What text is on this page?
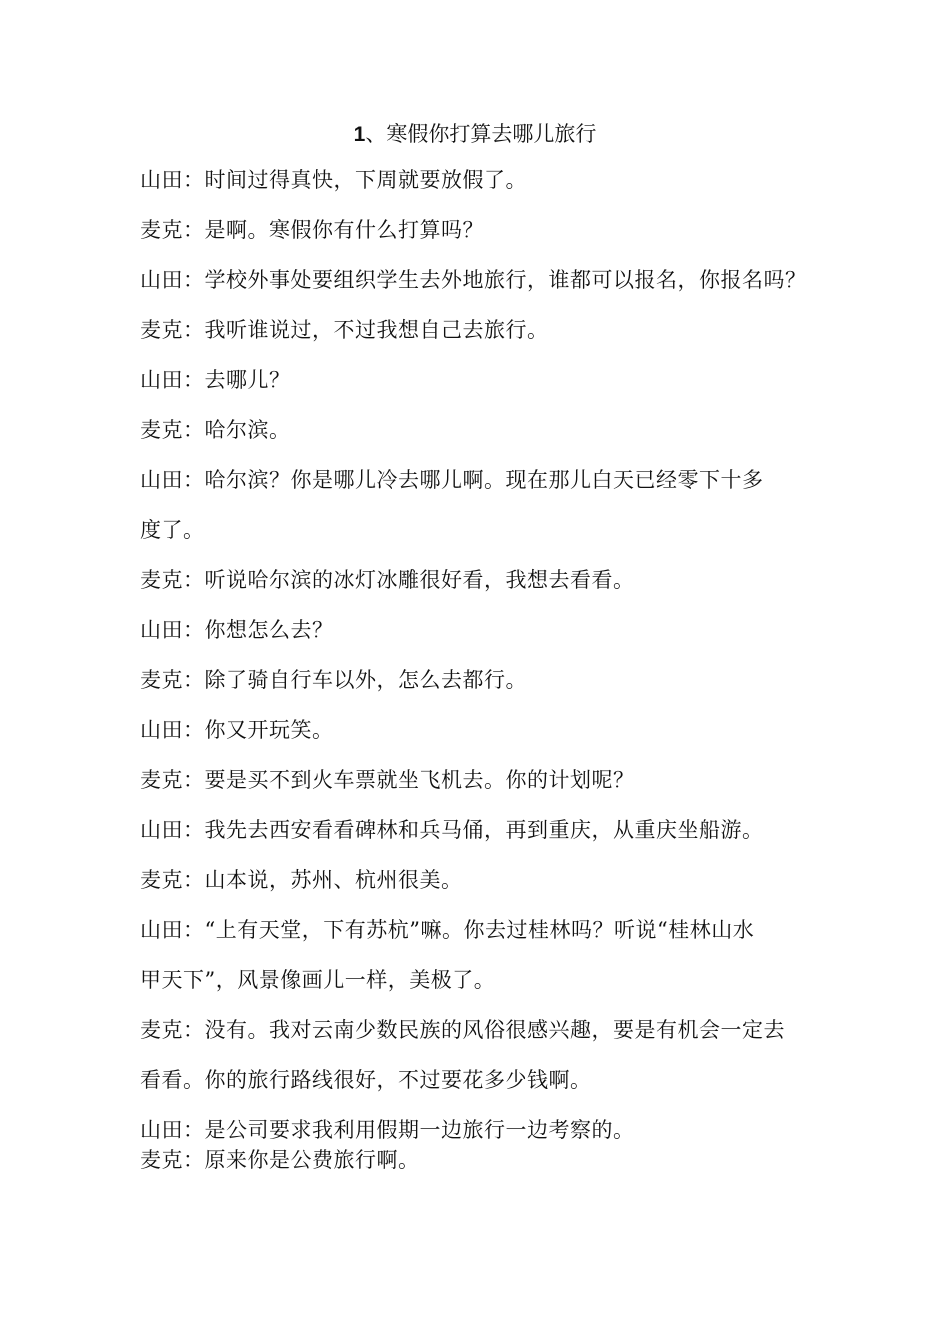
1、寒假你打算去哪儿旅行
山田：时间过得真快，下周就要放假了。
麦克：是啊。寒假你有什么打算吗？
山田：学校外事处要组织学生去外地旅行，谁都可以报名，你报名吗？
麦克：我听谁说过，不过我想自己去旅行。
山田：去哪儿？
麦克：哈尔滨。
山田：哈尔滨？你是哪儿冷去哪儿啊。现在那儿白天已经零下十多
度了。
麦克：听说哈尔滨的冰灯冰雕很好看，我想去看看。
山田：你想怎么去？
麦克：除了骑自行车以外，怎么去都行。
山田：你又开玩笑。
麦克：要是买不到火车票就坐飞机去。你的计划呢？
山田：我先去西安看看碑林和兵马俑，再到重庆，从重庆坐船游。
麦克：山本说，苏州、杭州很美。
山田：“上有天堂，下有苏杭”嘛。你去过桂林吗？听说“桂林山水
甲天下”，风景像画儿一样，美极了。
麦克：没有。我对云南少数民族的风俗很感兴趣，要是有机会一定去
看看。你的旅行路线很好，不过要花多少钱啊。
山田：是公司要求我利用假期一边旅行一边考察的。
麦克：原来你是公费旅行啊。
